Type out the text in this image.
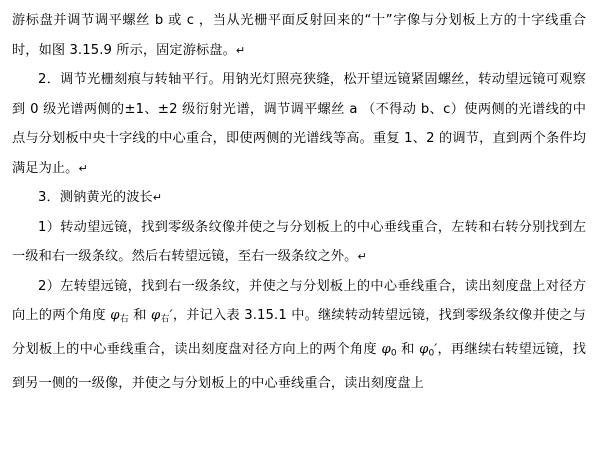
游标盘并调节调平螺丝 b 或 c ，当从光栅平面反射回来的“十”字像与分划板上方的十字线重合时，如图 3.15.9 所示，固定游标盘。↵

2．调节光栅刻痕与转轴平行。用钠光灯照亮狭缝，松开望远镜紧固螺丝，转动望远镜可观察到 0 级光谱两侧的±1、±2 级衍射光谱，调节调平螺丝 a （不得动 b、c）使两侧的光谱线的中点与分划板中央十字线的中心重合，即使两侧的光谱线等高。重复 1、2 的调节，直到两个条件均满足为止。↵

3．测钠黄光的波长↵

1）转动望远镜，找到零级条纹像并使之与分划板上的中心垂线重合，左转和右转分别找到左一级和右一级条纹。然后右转望远镜，至右一级条纹之外。↵

2）左转望远镜，找到右一级条纹，并使之与分划板上的中心垂线重合，读出刻度盘上对径方向上的两个角度 $\varphi_右$ 和 $\varphi_右'$，并记入表 3.15.1 中。继续转动转望远镜，找到零级条纹像并使之与分划板上的中心垂线重合，读出刻度盘对径方向上的两个角度 $\varphi_0$ 和 $\varphi_0'$，再继续右转望远镜，找到另一侧的一级像，并使之与分划板上的中心垂线重合，读出刻度盘上
